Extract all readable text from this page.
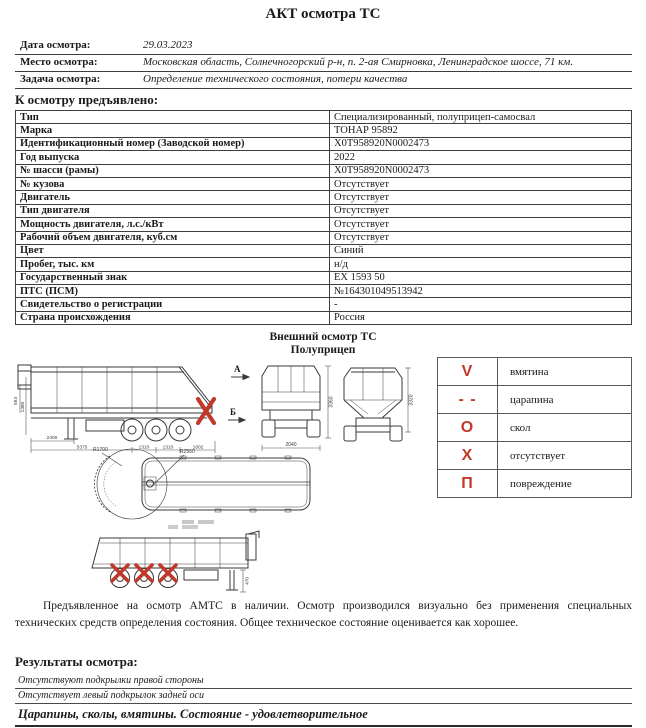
АКТ осмотра ТС
Дата осмотра:	29.03.2023
Место осмотра:	Московская область, Солнечногорский р-н, п. 2-ая Смирновка, Ленинградское шоссе, 71 км.
Задача осмотра:	Определение технического состояния, потери качества
К осмотру предъявлено:
Тип	Специализированный, полуприцеп-самосвал
Марка	ТОНАР 95892
Идентификационный номер (Заводской номер)	X0T958920N0002473
Год выпуска	2022
№ шасси (рамы)	X0T958920N0002473
№ кузова	Отсутствует
Двигатель	Отсутствует
Тип двигателя	Отсутствует
Мощность двигателя, л.с./кВт	Отсутствует
Рабочий объем двигателя, куб.см	Отсутствует
Цвет	Синий
Пробег, тыс. км	н/д
Государственный знак	ЕХ 1593 50
ПТС (ПСМ)	№164301049513942
Свидетельство о регистрации	-
Страна происхождения	Россия
Внешний осмотр ТС
Полуприцеп
2400
5375	1310	1310	1602
593
1380
А
Б
2040
3360	3320
V	вмятина
- -	царапина
О	скол
Х	отсутствует
П	повреждение
R1700	R2560
470
Предъявленное на осмотр АМТС в наличии. Осмотр производился визуально без применения специальных технических средств определения состояния. Общее техническое состояние оценивается как хорошее.
Результаты осмотра:
Отсутствуют подкрылки правой стороны
Отсутствует левый подкрылок задней оси
Царапины, сколы, вмятины. Состояние - удовлетворительное
